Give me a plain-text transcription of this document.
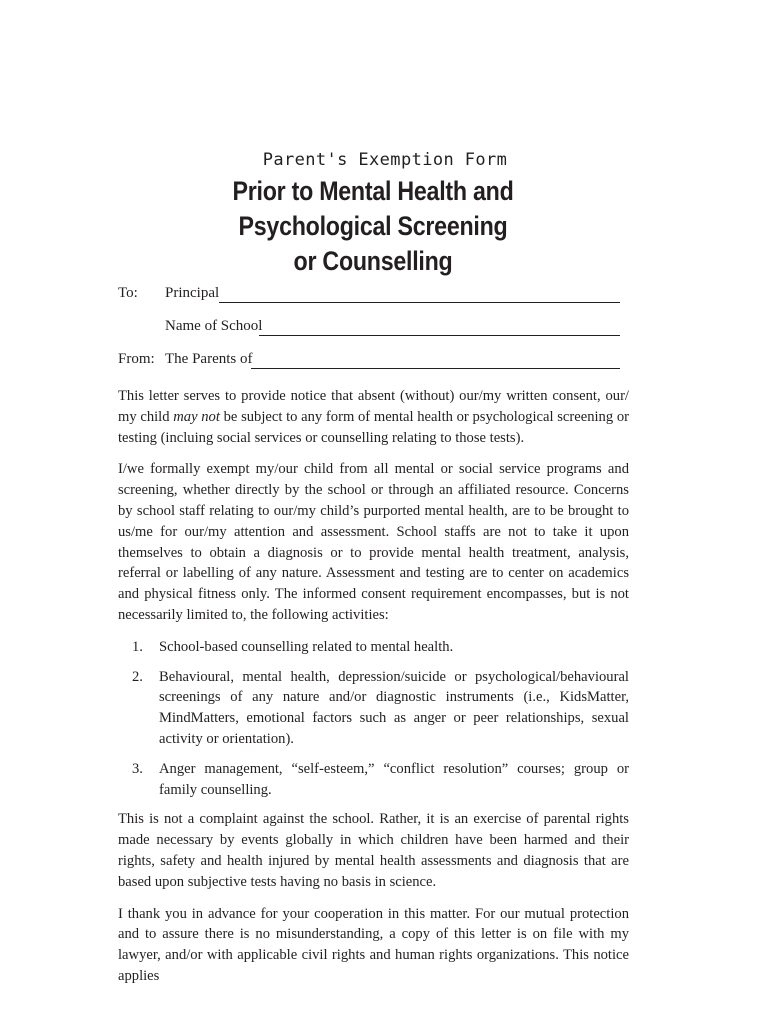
Parent's Exemption Form
Prior to Mental Health and
Psychological Screening
or Counselling
To: Principal
Name of School
From: The Parents of

This letter serves to provide notice that absent (without) our/my written consent, our/ my child may not be subject to any form of mental health or psychological screening or testing (incluing social services or counselling relating to those tests).

I/we formally exempt my/our child from all mental or social service programs and screening, whether directly by the school or through an affiliated resource. Concerns by school staff relating to our/my child’s purported mental health, are to be brought to us/me for our/my attention and assessment. School staffs are not to take it upon themselves to obtain a diagnosis or to provide mental health treatment, analysis, referral or labelling of any nature. Assessment and testing are to center on academics and physical fitness only. The informed consent requirement encompasses, but is not necessarily limited to, the following activities:

1. School-based counselling related to mental health.
2. Behavioural, mental health, depression/suicide or psychological/behavioural screenings of any nature and/or diagnostic instruments (i.e., KidsMatter, MindMatters, emotional factors such as anger or peer relationships, sexual activity or orientation).
3. Anger management, “self-esteem,” “conflict resolution” courses; group or family counselling.

This is not a complaint against the school. Rather, it is an exercise of parental rights made necessary by events globally in which children have been harmed and their rights, safety and health injured by mental health assessments and diagnosis that are based upon subjective tests having no basis in science.

I thank you in advance for your cooperation in this matter. For our mutual protection and to assure there is no misunderstanding, a copy of this letter is on file with my lawyer, and/or with applicable civil rights and human rights organizations. This notice applies
